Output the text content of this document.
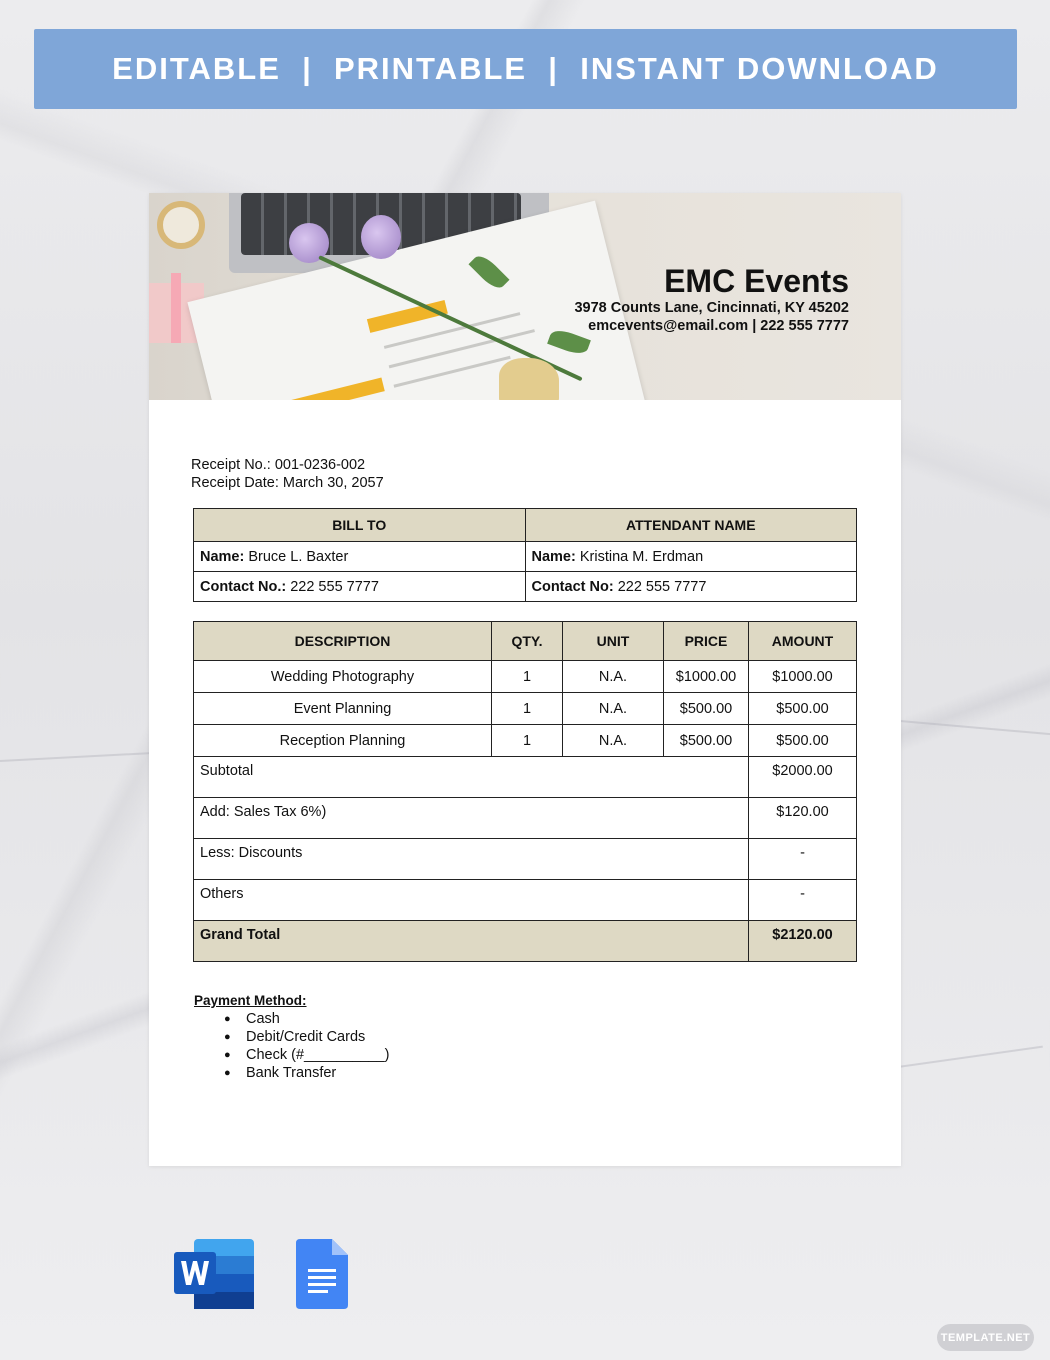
EDITABLE  |  PRINTABLE  |  INSTANT DOWNLOAD
EMC Events
3978 Counts Lane, Cincinnati, KY 45202
emcevents@email.com | 222 555 7777
Receipt No.: 001-0236-002
Receipt Date: March 30, 2057
BILL TO	ATTENDANT NAME
Name: Bruce L. Baxter	Name: Kristina M. Erdman
Contact No.: 222 555 7777	Contact No: 222 555 7777
DESCRIPTION	QTY.	UNIT	PRICE	AMOUNT
Wedding Photography	1	N.A.	$1000.00	$1000.00
Event Planning	1	N.A.	$500.00	$500.00
Reception Planning	1	N.A.	$500.00	$500.00
Subtotal				$2000.00
Add: Sales Tax 6%)				$120.00
Less: Discounts				-
Others				-
Grand Total				$2120.00
Payment Method:
● Cash
● Debit/Credit Cards
● Check (#__________)
● Bank Transfer
TEMPLATE.NET
